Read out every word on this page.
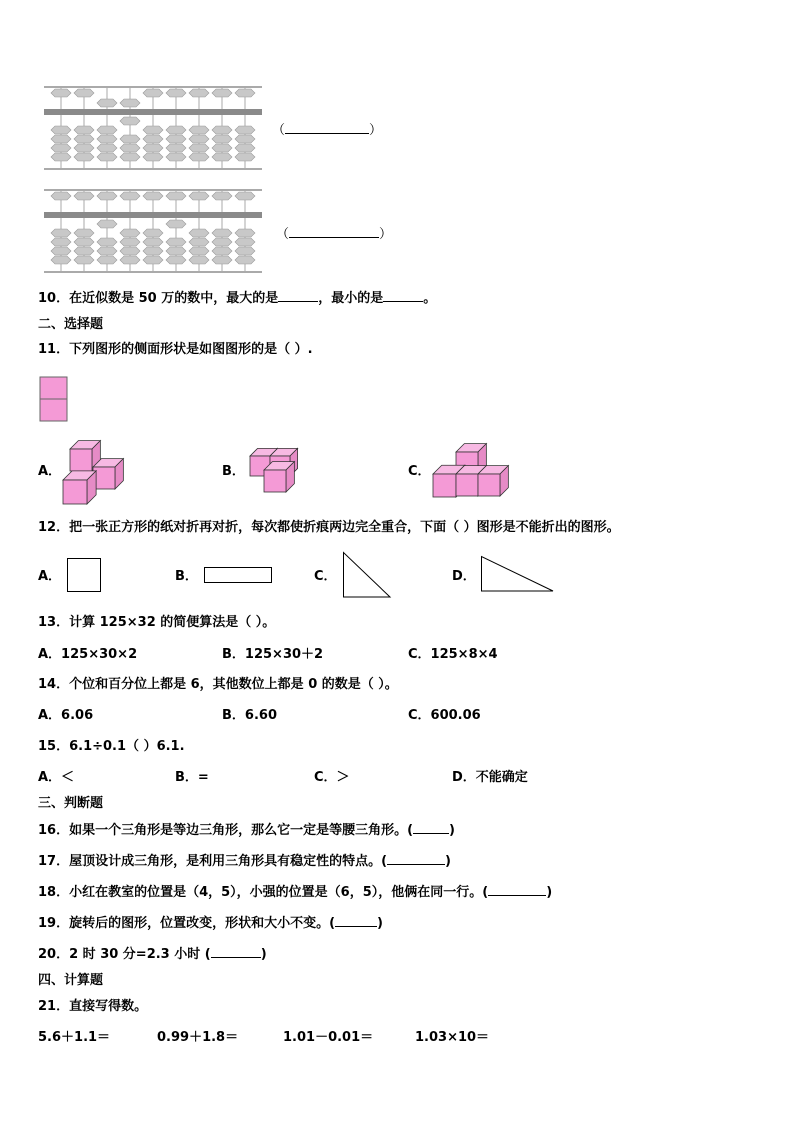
（	）
（	）
10．在近似数是 50 万的数中，最大的是	，最小的是	。
二、选择题
11．下列图形的侧面形状是如图图形的是（ ）.
A．	B．	C．
12．把一张正方形的纸对折再对折，每次都使折痕两边完全重合，下面（ ）图形是不能折出的图形。
A．	B．	C．	D．
13．计算 125×32 的简便算法是（ ）。
A．125×30×2	B．125×30＋2	C．125×8×4
14．个位和百分位上都是 6，其他数位上都是 0 的数是（ ）。
A．6.06	B．6.60	C．600.06
15．6.1÷0.1（ ）6.1.
A．＜	B．=	C．＞	D．不能确定
三、判断题
16．如果一个三角形是等边三角形，那么它一定是等腰三角形。(	)
17．屋顶设计成三角形，是利用三角形具有稳定性的特点。(	)
18．小红在教室的位置是（4，5），小强的位置是（6，5），他俩在同一行。(	)
19．旋转后的图形，位置改变，形状和大小不变。(	)
20．2 时 30 分=2.3 小时 (	)
四、计算题
21．直接写得数。
5.6＋1.1＝	0.99＋1.8＝	1.01－0.01＝	1.03×10＝
